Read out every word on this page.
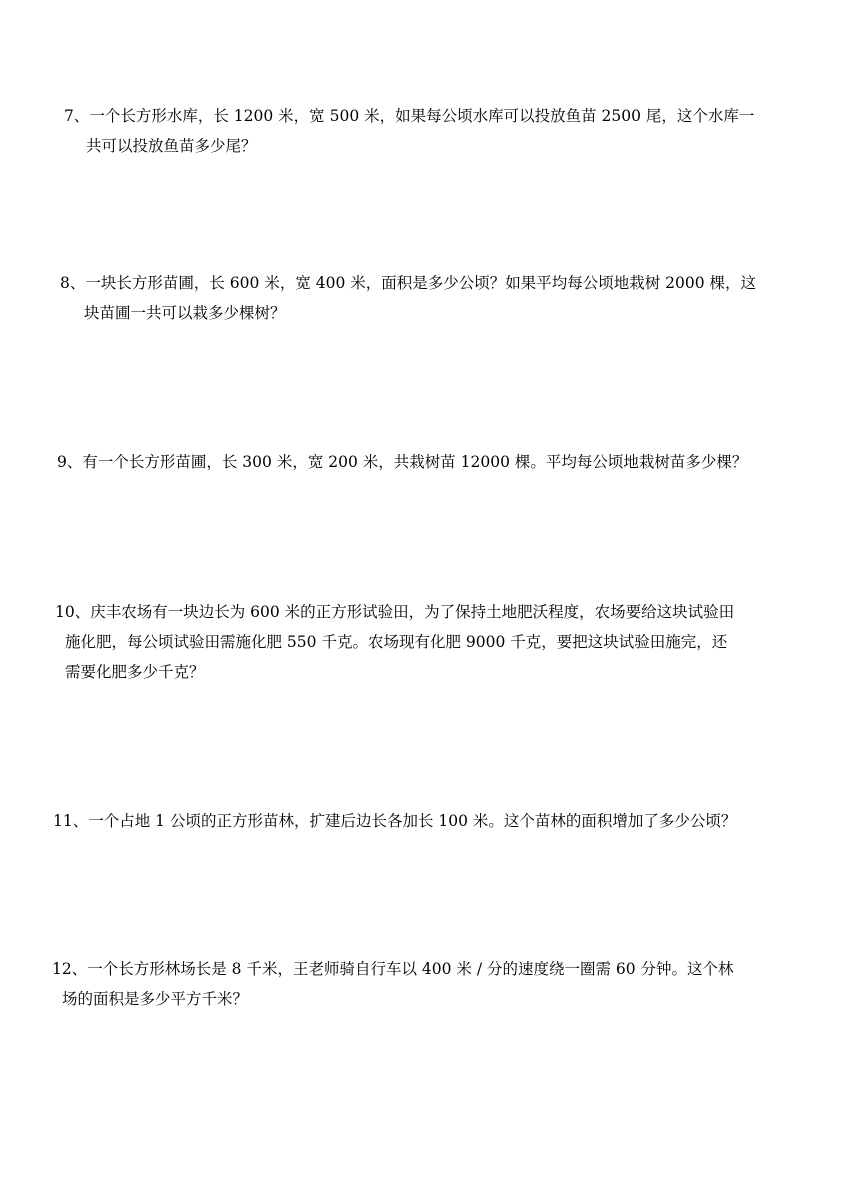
7、一个长方形水库，长 1200 米，宽 500 米，如果每公顷水库可以投放鱼苗 2500 尾，这个水库一
共可以投放鱼苗多少尾？
8、一块长方形苗圃，长 600 米，宽 400 米，面积是多少公顷？如果平均每公顷地栽树 2000 棵，这
块苗圃一共可以栽多少棵树？
9、有一个长方形苗圃，长 300 米，宽 200 米，共栽树苗 12000 棵。平均每公顷地栽树苗多少棵？
10、庆丰农场有一块边长为 600 米的正方形试验田，为了保持土地肥沃程度，农场要给这块试验田
施化肥，每公顷试验田需施化肥 550 千克。农场现有化肥 9000 千克，要把这块试验田施完，还
需要化肥多少千克？
11、一个占地 1 公顷的正方形苗林，扩建后边长各加长 100 米。这个苗林的面积增加了多少公顷？
12、一个长方形林场长是 8 千米，王老师骑自行车以 400 米 / 分的速度绕一圈需 60 分钟。这个林
场的面积是多少平方千米？
